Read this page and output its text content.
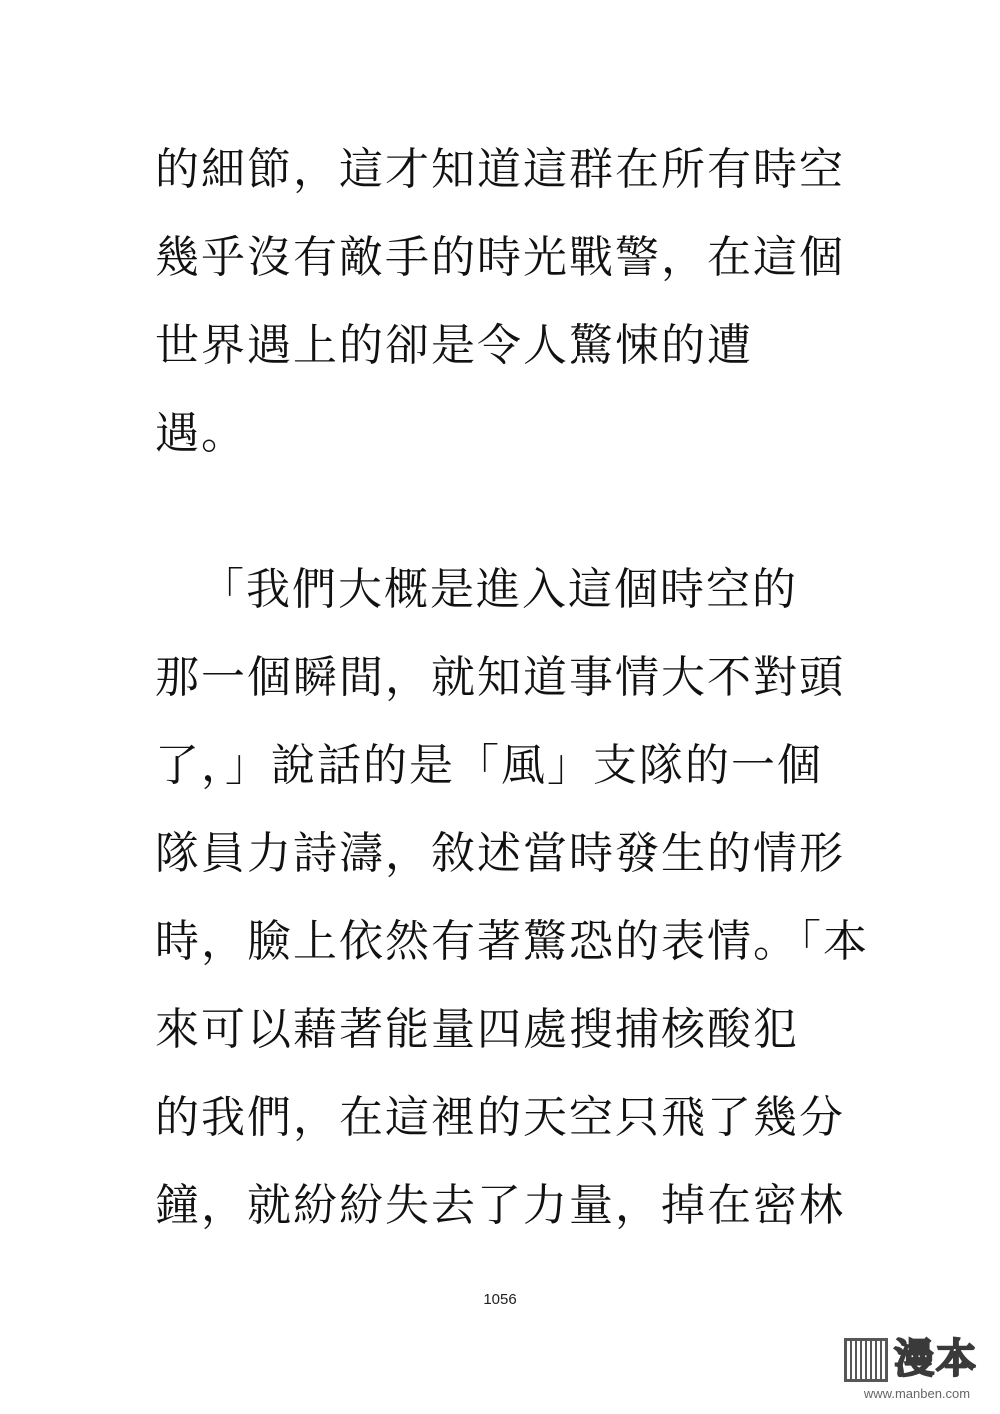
的細節，這才知道這群在所有時空
幾乎沒有敵手的時光戰警，在這個
世界遇上的卻是令人驚悚的遭
遇。
「我們大概是進入這個時空的
那一個瞬間，就知道事情大不對頭
了，」說話的是「風」支隊的一個
隊員力詩濤，敘述當時發生的情形
時，臉上依然有著驚恐的表情。「本
來可以藉著能量四處搜捕核酸犯
的我們，在這裡的天空只飛了幾分
鐘，就紛紛失去了力量，掉在密林
1056
漫本
www.manben.com
